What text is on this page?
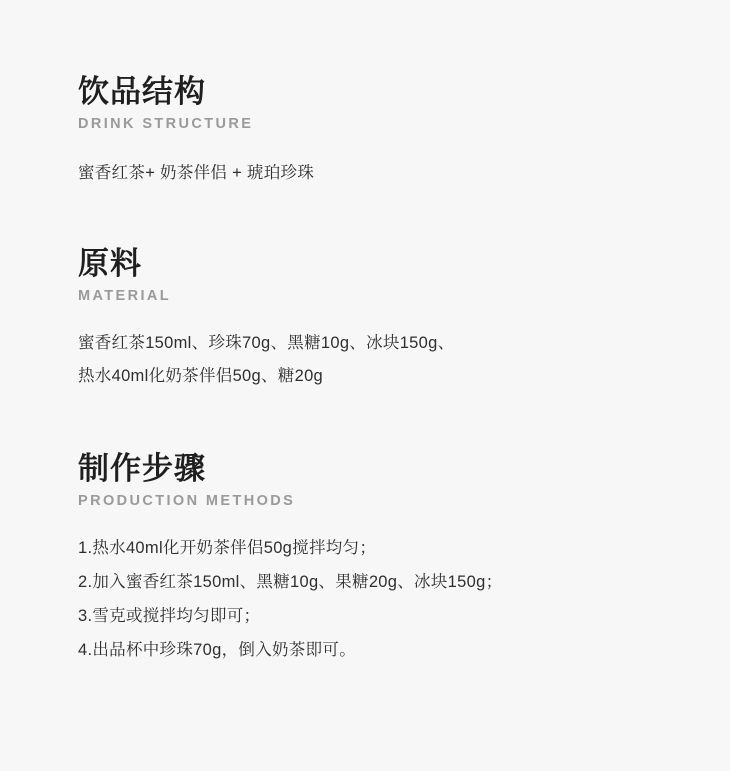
饮品结构

DRINK STRUCTURE

蜜香红茶+ 奶茶伴侣 + 琥珀珍珠

原料

MATERIAL

蜜香红茶150ml、珍珠70g、黑糖10g、冰块150g、
热水40ml化奶茶伴侣50g、糖20g

制作步骤

PRODUCTION METHODS

1.热水40ml化开奶茶伴侣50g搅拌均匀；
2.加入蜜香红茶150ml、黑糖10g、果糖20g、冰块150g；
3.雪克或搅拌均匀即可；
4.出品杯中珍珠70g，倒入奶茶即可。
